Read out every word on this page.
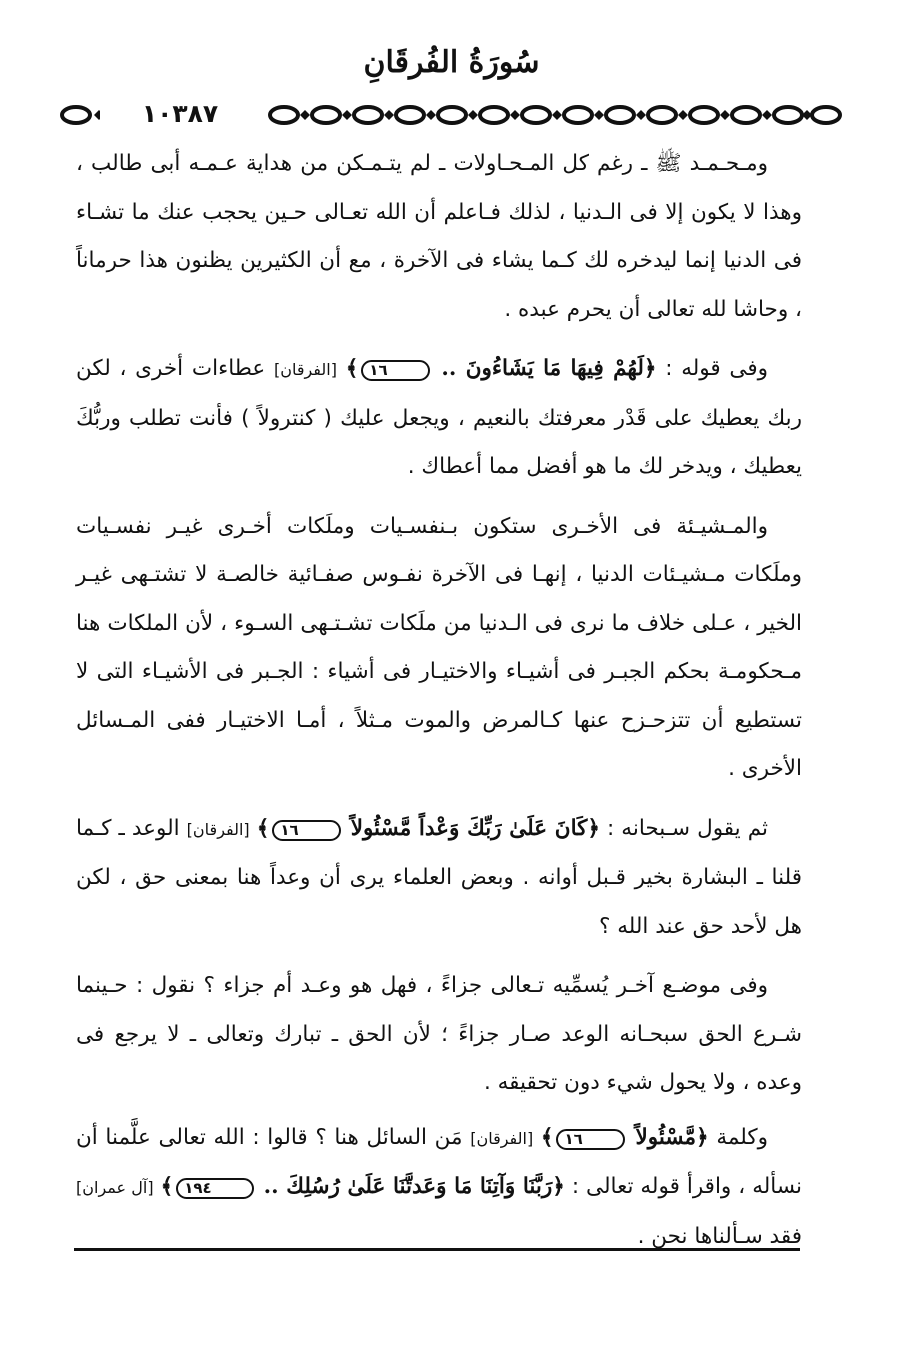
سُورَةُ الفُرقَانِ
١٠٣٨٧

ومـحـمـد ﷺ ـ رغم كل المـحـاولات ـ لم يتـمـكن من هداية عـمـه أبى طالب ، وهذا لا يكون إلا فى الـدنيا ، لذلك فـاعلم أن الله تعـالى حـين يحجب عنك ما تشـاء فى الدنيا إنما ليدخره لك كـما يشاء فى الآخرة ، مع أن الكثيرين يظنون هذا حرماناً ، وحاشا لله تعالى أن يحرم عبده .

وفى قوله : ﴿لَهُمْ فِيهَا مَا يَشَاءُونَ .. ١٦﴾ [الفرقان] عطاءات أخرى ، لكن ربك يعطيك على قَدْر معرفتك بالنعيم ، ويجعل عليك ( كنترولاً ) فأنت تطلب وربُّكَ يعطيك ، ويدخر لك ما هو أفضل مما أعطاك .

والمـشيـئة فى الأخـرى ستكون بـنفسـيات وملَكات أخـرى غيـر نفسـيات وملَكات مـشيـئات الدنيا ، إنهـا فى الآخرة نفـوس صفـائية خالصـة لا تشتـهى غيـر الخير ، عـلى خلاف ما نرى فى الـدنيا من ملَكات تشـتـهى السـوء ، لأن الملكات هنا مـحكومـة بحكم الجبـر فى أشيـاء والاختيـار فى أشياء : الجـبر فى الأشيـاء التى لا تستطيع أن تتزحـزح عنها كـالمرض والموت مـثلاً ، أمـا الاختيـار ففى المـسائل الأخرى .

ثم يقول سـبحانه : ﴿كَانَ عَلَىٰ رَبِّكَ وَعْداً مَّسْئُولاً ١٦﴾ [الفرقان] الوعد ـ كـما قلنا ـ البشارة بخير قـبل أوانه . وبعض العلماء يرى أن وعداً هنا بمعنى حق ، لكن هل لأحد حق عند الله ؟

وفى موضـع آخـر يُسمِّيه تـعالى جزاءً ، فهل هو وعـد أم جزاء ؟ نقول : حـينما شـرع الحق سبحـانه الوعد صـار جزاءً ؛ لأن الحق ـ تبارك وتعالى ـ لا يرجع فى وعده ، ولا يحول شيء دون تحقيقه .

وكلمة ﴿مَّسْئُولاً ١٦﴾ [الفرقان] مَن السائل هنا ؟ قالوا : الله تعالى علَّمنا أن نسأله ، واقرأ قوله تعالى : ﴿رَبَّنَا وَآتِنَا مَا وَعَدتَّنَا عَلَىٰ رُسُلِكَ .. ١٩٤﴾ [آل عمران] فقد سـألناها نحن .
